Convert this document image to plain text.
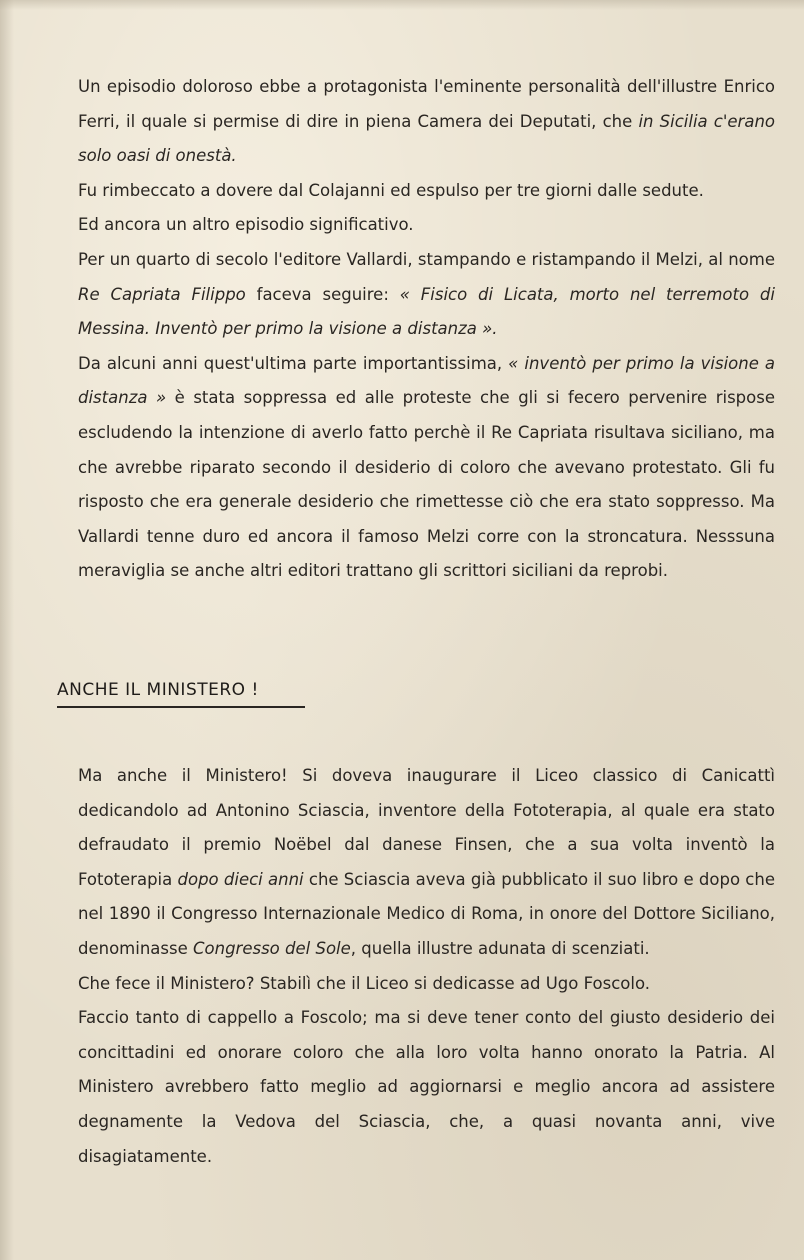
Un episodio doloroso ebbe a protagonista l'eminente personalità dell'illustre Enrico Ferri, il quale si permise di dire in piena Camera dei Deputati, che in Sicilia c'erano solo oasi di onestà.

Fu rimbeccato a dovere dal Colajanni ed espulso per tre giorni dalle sedute.

Ed ancora un altro episodio significativo.

Per un quarto di secolo l'editore Vallardi, stampando e ristampando il Melzi, al nome Re Capriata Filippo faceva seguire: « Fisico di Licata, morto nel terremoto di Messina. Inventò per primo la visione a distanza ».

Da alcuni anni quest'ultima parte importantissima, « inventò per primo la visione a distanza » è stata soppressa ed alle proteste che gli si fecero pervenire rispose escludendo la intenzione di averlo fatto perchè il Re Capriata risultava siciliano, ma che avrebbe riparato secondo il desiderio di coloro che avevano protestato. Gli fu risposto che era generale desiderio che rimettesse ciò che era stato soppresso. Ma Vallardi tenne duro ed ancora il famoso Melzi corre con la stroncatura. Nesssuna meraviglia se anche altri editori trattano gli scrittori siciliani da reprobi.

ANCHE IL MINISTERO !

Ma anche il Ministero! Si doveva inaugurare il Liceo classico di Canicattì dedicandolo ad Antonino Sciascia, inventore della Fototerapia, al quale era stato defraudato il premio Noëbel dal danese Finsen, che a sua volta inventò la Fototerapia dopo dieci anni che Sciascia aveva già pubblicato il suo libro e dopo che nel 1890 il Congresso Internazionale Medico di Roma, in onore del Dottore Siciliano, denominasse Congresso del Sole, quella illustre adunata di scenziati.

Che fece il Ministero? Stabilì che il Liceo si dedicasse ad Ugo Foscolo.

Faccio tanto di cappello a Foscolo; ma si deve tener conto del giusto desiderio dei concittadini ed onorare coloro che alla loro volta hanno onorato la Patria. Al Ministero avrebbero fatto meglio ad aggiornarsi e meglio ancora ad assistere degnamente la Vedova del Sciascia, che, a quasi novanta anni, vive disagiatamente.
